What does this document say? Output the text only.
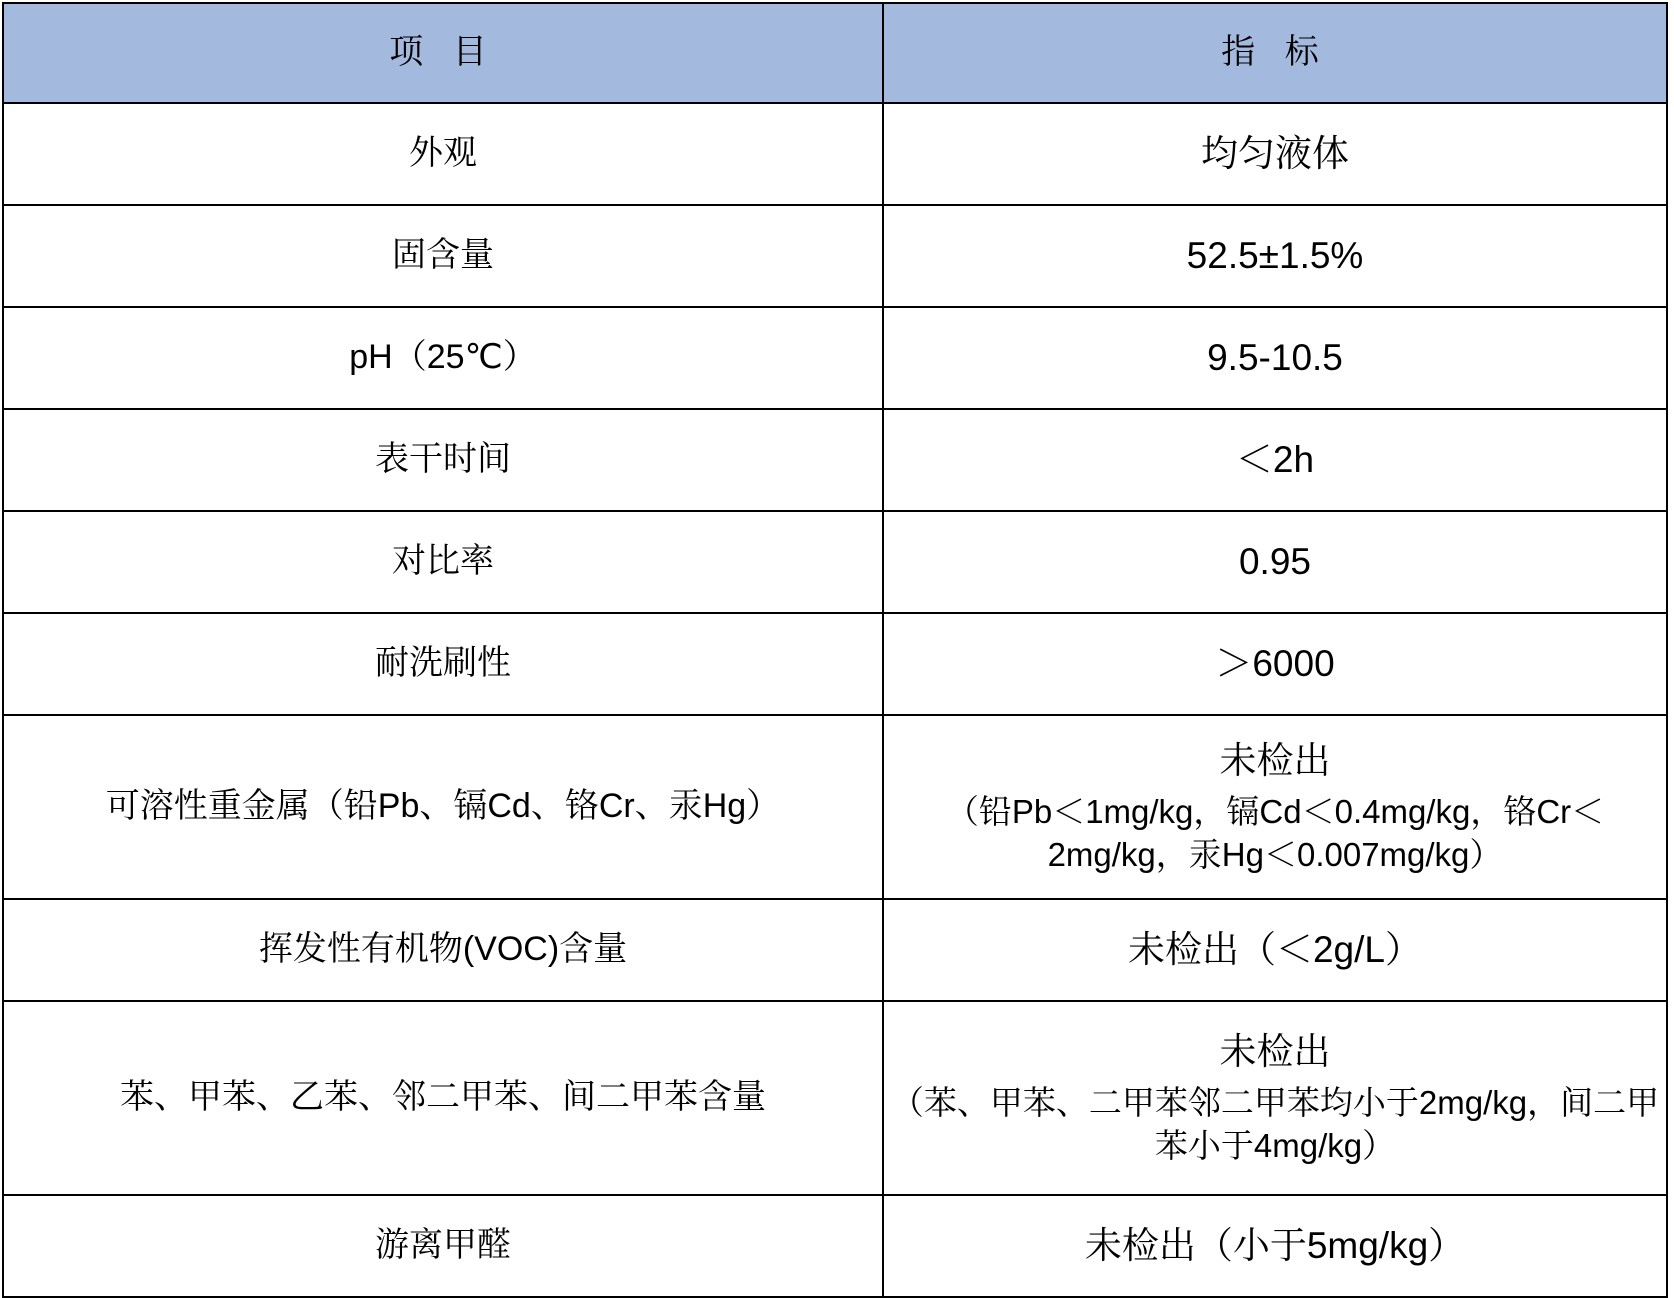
项 目	指 标
外观	均匀液体

固含量	52.5±1.5%

pH（25℃）	9.5-10.5

表干时间	＜2h

对比率	0.95

耐洗刷性	＞6000

可溶性重金属（铅Pb、镉Cd、铬Cr、汞Hg）	未检出
（铅Pb＜1mg/kg，镉Cd＜0.4mg/kg，铬Cr＜2mg/kg，汞Hg＜0.007mg/kg）

挥发性有机物(VOC)含量	未检出（＜2g/L）

苯、甲苯、乙苯、邻二甲苯、间二甲苯含量	未检出
（苯、甲苯、二甲苯邻二甲苯均小于2mg/kg，间二甲苯小于4mg/kg）

游离甲醛	未检出（小于5mg/kg）
